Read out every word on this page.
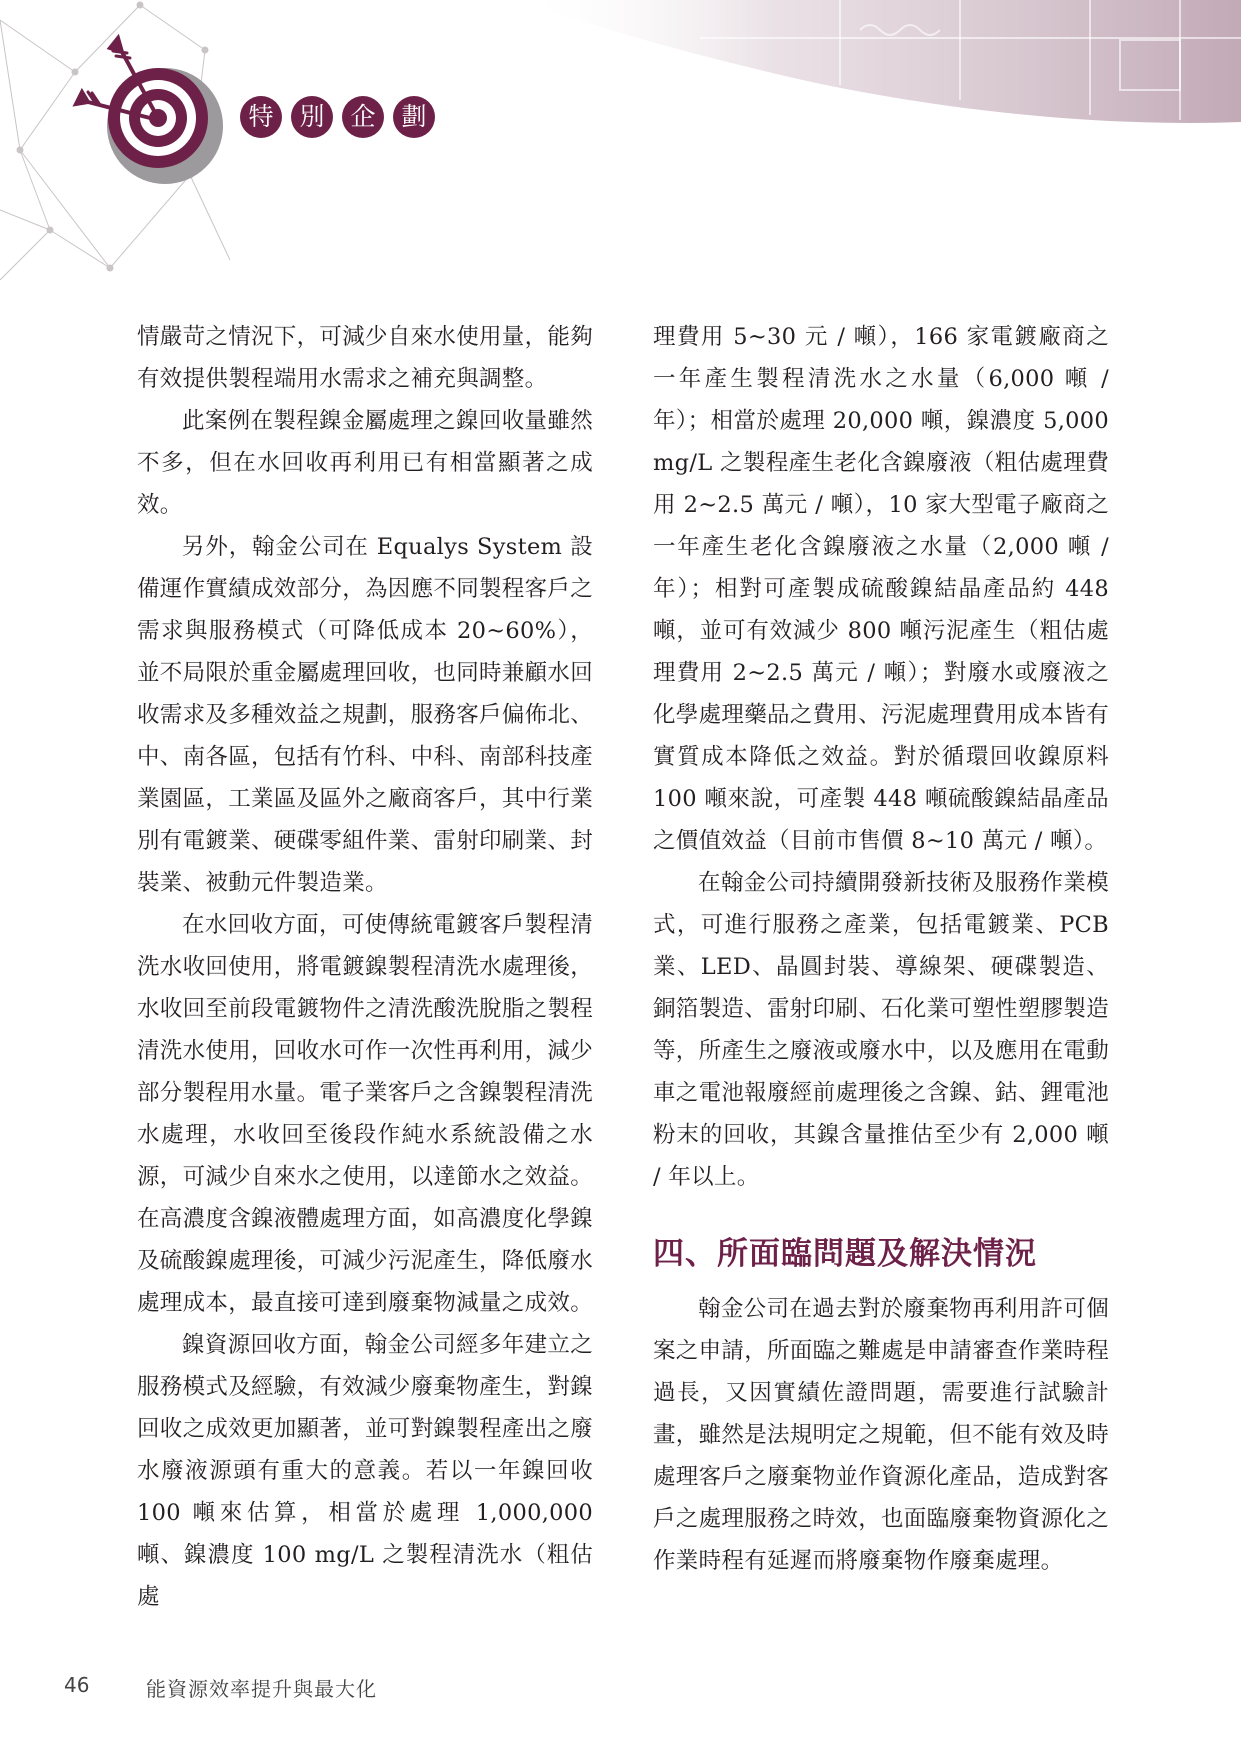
特	別	企	劃

情嚴苛之情況下，可減少自來水使用量，能夠有效提供製程端用水需求之補充與調整。

此案例在製程鎳金屬處理之鎳回收量雖然不多，但在水回收再利用已有相當顯著之成效。

另外，翰金公司在 Equalys System 設備運作實績成效部分，為因應不同製程客戶之需求與服務模式（可降低成本 20~60%），並不局限於重金屬處理回收，也同時兼顧水回收需求及多種效益之規劃，服務客戶偏佈北、中、南各區，包括有竹科、中科、南部科技產業園區，工業區及區外之廠商客戶，其中行業別有電鍍業、硬碟零組件業、雷射印刷業、封裝業、被動元件製造業。

在水回收方面，可使傳統電鍍客戶製程清洗水收回使用，將電鍍鎳製程清洗水處理後，水收回至前段電鍍物件之清洗酸洗脫脂之製程清洗水使用，回收水可作一次性再利用，減少部分製程用水量。電子業客戶之含鎳製程清洗水處理，水收回至後段作純水系統設備之水源，可減少自來水之使用，以達節水之效益。在高濃度含鎳液體處理方面，如高濃度化學鎳及硫酸鎳處理後，可減少污泥產生，降低廢水處理成本，最直接可達到廢棄物減量之成效。

鎳資源回收方面，翰金公司經多年建立之服務模式及經驗，有效減少廢棄物產生，對鎳回收之成效更加顯著，並可對鎳製程產出之廢水廢液源頭有重大的意義。若以一年鎳回收 100 噸來估算，相當於處理 1,000,000 噸、鎳濃度 100 mg/L 之製程清洗水（粗估處

理費用 5~30 元 / 噸），166 家電鍍廠商之一年產生製程清洗水之水量（6,000 噸 / 年）；相當於處理 20,000 噸，鎳濃度 5,000 mg/L 之製程產生老化含鎳廢液（粗估處理費用 2~2.5 萬元 / 噸），10 家大型電子廠商之一年產生老化含鎳廢液之水量（2,000 噸 / 年）；相對可產製成硫酸鎳結晶產品約 448 噸，並可有效減少 800 噸污泥產生（粗估處理費用 2~2.5 萬元 / 噸）；對廢水或廢液之化學處理藥品之費用、污泥處理費用成本皆有實質成本降低之效益。對於循環回收鎳原料 100 噸來說，可產製 448 噸硫酸鎳結晶產品之價值效益（目前市售價 8~10 萬元 / 噸）。

在翰金公司持續開發新技術及服務作業模式，可進行服務之產業，包括電鍍業、PCB 業、LED、晶圓封裝、導線架、硬碟製造、銅箔製造、雷射印刷、石化業可塑性塑膠製造等，所產生之廢液或廢水中，以及應用在電動車之電池報廢經前處理後之含鎳、鈷、鋰電池粉末的回收，其鎳含量推估至少有 2,000 噸 / 年以上。

四、所面臨問題及解決情況

翰金公司在過去對於廢棄物再利用許可個案之申請，所面臨之難處是申請審查作業時程過長，又因實績佐證問題，需要進行試驗計畫，雖然是法規明定之規範，但不能有效及時處理客戶之廢棄物並作資源化產品，造成對客戶之處理服務之時效，也面臨廢棄物資源化之作業時程有延遲而將廢棄物作廢棄處理。

46	能資源效率提升與最大化
